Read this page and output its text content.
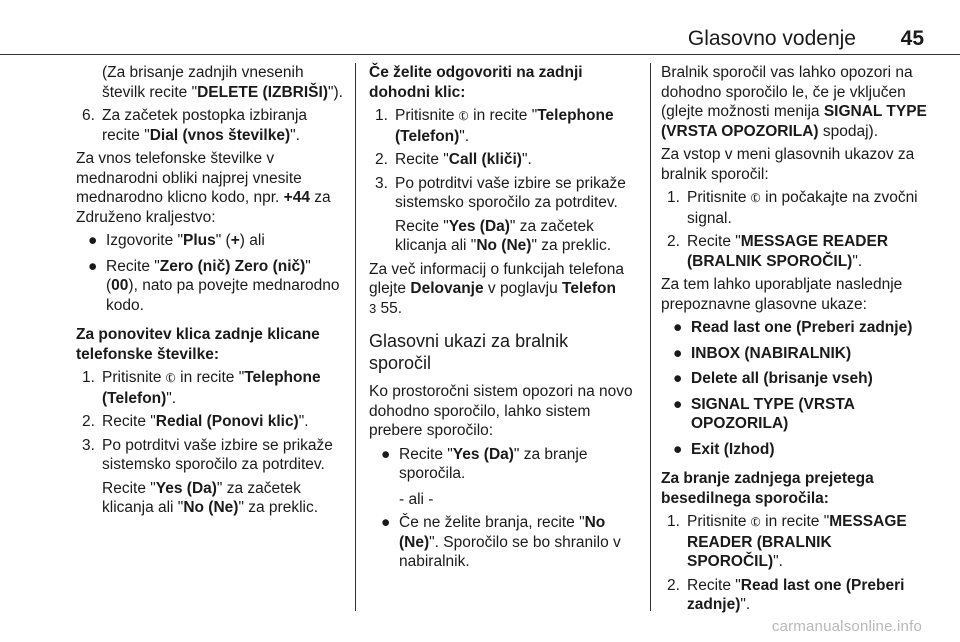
Glasovno vodenje 45

(Za brisanje zadnjih vnesenih številk recite "DELETE (IZBRIŠI)").

6. Za začetek postopka izbiranja recite "Dial (vnos številke)".

Za vnos telefonske številke v mednarodni obliki najprej vnesite mednarodno klicno kodo, npr. +44 za Združeno kraljestvo:

● Izgovorite "Plus" (+) ali
● Recite "Zero (nič) Zero (nič)" (00), nato pa povejte mednarodno kodo.

Za ponovitev klica zadnje klicane telefonske številke:

1. Pritisnite ✆ in recite "Telephone (Telefon)".
2. Recite "Redial (Ponovi klic)".
3. Po potrditvi vaše izbire se prikaže sistemsko sporočilo za potrditev.

Recite "Yes (Da)" za začetek klicanja ali "No (Ne)" za preklic.

Če želite odgovoriti na zadnji dohodni klic:

1. Pritisnite ✆ in recite "Telephone (Telefon)".
2. Recite "Call (kliči)".
3. Po potrditvi vaše izbire se prikaže sistemsko sporočilo za potrditev.

Recite "Yes (Da)" za začetek klicanja ali "No (Ne)" za preklic.

Za več informacij o funkcijah telefona glejte Delovanje v poglavju Telefon
3 55.

Glasovni ukazi za bralnik sporočil

Ko prostoročni sistem opozori na novo dohodno sporočilo, lahko sistem prebere sporočilo:

● Recite "Yes (Da)" za branje sporočila.

- ali -

● Če ne želite branja, recite "No (Ne)". Sporočilo se bo shranilo v nabiralnik.

Bralnik sporočil vas lahko opozori na dohodno sporočilo le, če je vključen (glejte možnosti menija SIGNAL TYPE (VRSTA OPOZORILA) spodaj).

Za vstop v meni glasovnih ukazov za bralnik sporočil:

1. Pritisnite ✆ in počakajte na zvočni signal.
2. Recite "MESSAGE READER (BRALNIK SPOROČIL)".

Za tem lahko uporabljate naslednje prepoznavne glasovne ukaze:

● Read last one (Preberi zadnje)
● INBOX (NABIRALNIK)
● Delete all (brisanje vseh)
● SIGNAL TYPE (VRSTA OPOZORILA)
● Exit (Izhod)

Za branje zadnjega prejetega besedilnega sporočila:

1. Pritisnite ✆ in recite "MESSAGE READER (BRALNIK SPOROČIL)".
2. Recite "Read last one (Preberi zadnje)".
carmanualsonline.info
